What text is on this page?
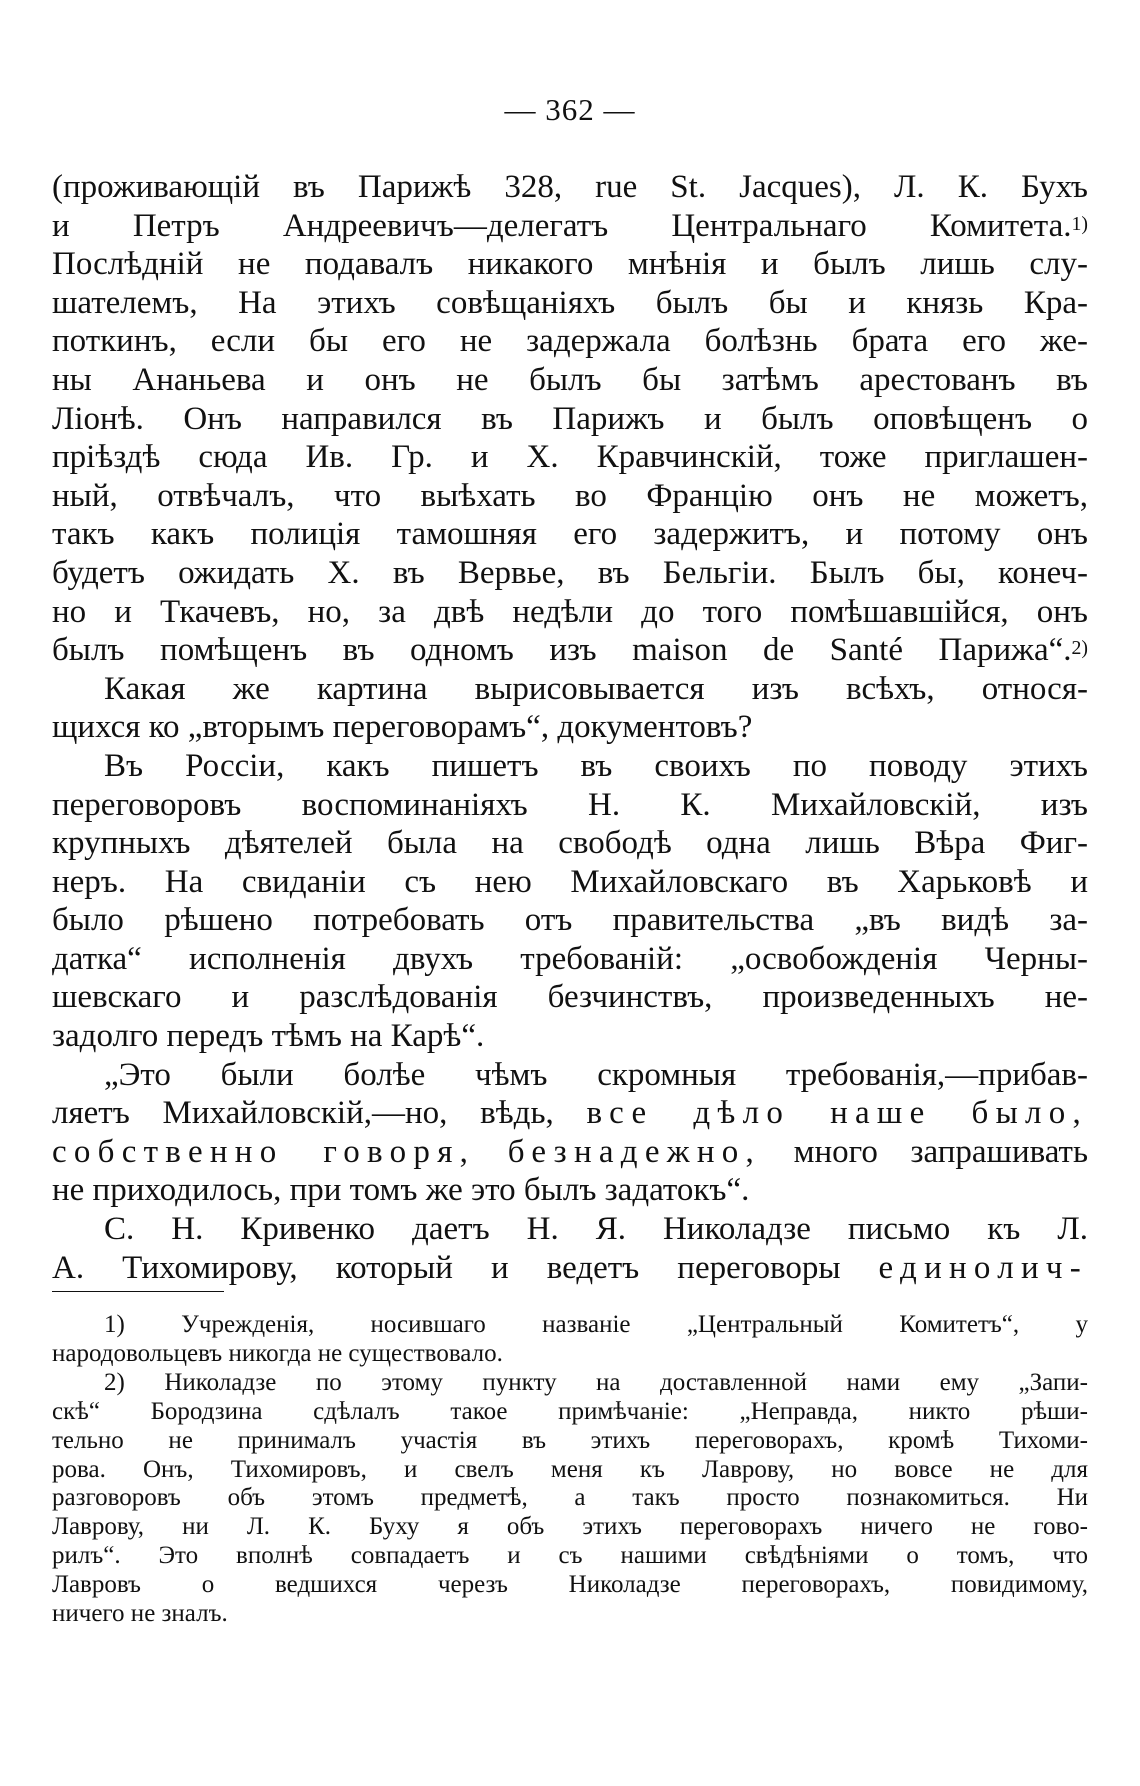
— 362 —
(проживающій въ Парижѣ 328, rue St. Jacques), Л. К. Бухъ
и Петръ Андреевичъ—делегатъ Центральнаго Комитета.$^{1)}$
Послѣдній не подавалъ никакого мнѣнія и былъ лишь слу-
шателемъ, На этихъ совѣщаніяхъ былъ бы и князь Кра-
поткинъ, если бы его не задержала болѣзнь брата его же-
ны Ананьева и онъ не былъ бы затѣмъ арестованъ въ
Ліонѣ. Онъ направился въ Парижъ и былъ оповѣщенъ о
пріѣздѣ сюда Ив. Гр. и Х. Кравчинскій, тоже приглашен-
ный, отвѣчалъ, что выѣхать во Францію онъ не можетъ,
такъ какъ полиція тамошняя его задержитъ, и потому онъ
будетъ ожидать Х. въ Вервье, въ Бельгіи. Былъ бы, конеч-
но и Ткачевъ, но, за двѣ недѣли до того помѣшавшійся, онъ
былъ помѣщенъ въ одномъ изъ maison de Santé Парижа“.$^{2)}$
Какая же картина вырисовывается изъ всѣхъ, относя-
щихся ко „вторымъ переговорамъ“, документовъ?
Въ Россіи, какъ пишетъ въ своихъ по поводу этихъ
переговоровъ воспоминаніяхъ Н. К. Михайловскій, изъ
крупныхъ дѣятелей была на свободѣ одна лишь Вѣра Фиг-
неръ. На свиданіи съ нею Михайловскаго въ Харьковѣ и
было рѣшено потребовать отъ правительства „въ видѣ за-
датка“ исполненія двухъ требованій: „освобожденія Черны-
шевскаго и разслѣдованія безчинствъ, произведенныхъ не-
задолго передъ тѣмъ на Карѣ“.
„Это были болѣе чѣмъ скромныя требованія,—прибав-
ляетъ Михайловскій,—но, вѣдь, все дѣло наше было,
собственно говоря, безнадежно, много запрашивать
не приходилось, при томъ же это былъ задатокъ“.
С. Н. Кривенко даетъ Н. Я. Николадзе письмо къ Л.
А. Тихомирову, который и ведетъ переговоры единолич-
1) Учрежденія, носившаго названіе „Центральный Комитетъ“, у
народовольцевъ никогда не существовало.
2) Николадзе по этому пункту на доставленной нами ему „Запи-
скѣ“ Бородзина сдѣлалъ такое примѣчаніе: „Неправда, никто рѣши-
тельно не принималъ участія въ этихъ переговорахъ, кромѣ Тихоми-
рова. Онъ, Тихомировъ, и свелъ меня къ Лаврову, но вовсе не для
разговоровъ объ этомъ предметѣ, а такъ просто познакомиться. Ни
Лаврову, ни Л. К. Буху я объ этихъ переговорахъ ничего не гово-
рилъ“. Это вполнѣ совпадаетъ и съ нашими свѣдѣніями о томъ, что
Лавровъ о ведшихся черезъ Николадзе переговорахъ, повидимому,
ничего не зналъ.
